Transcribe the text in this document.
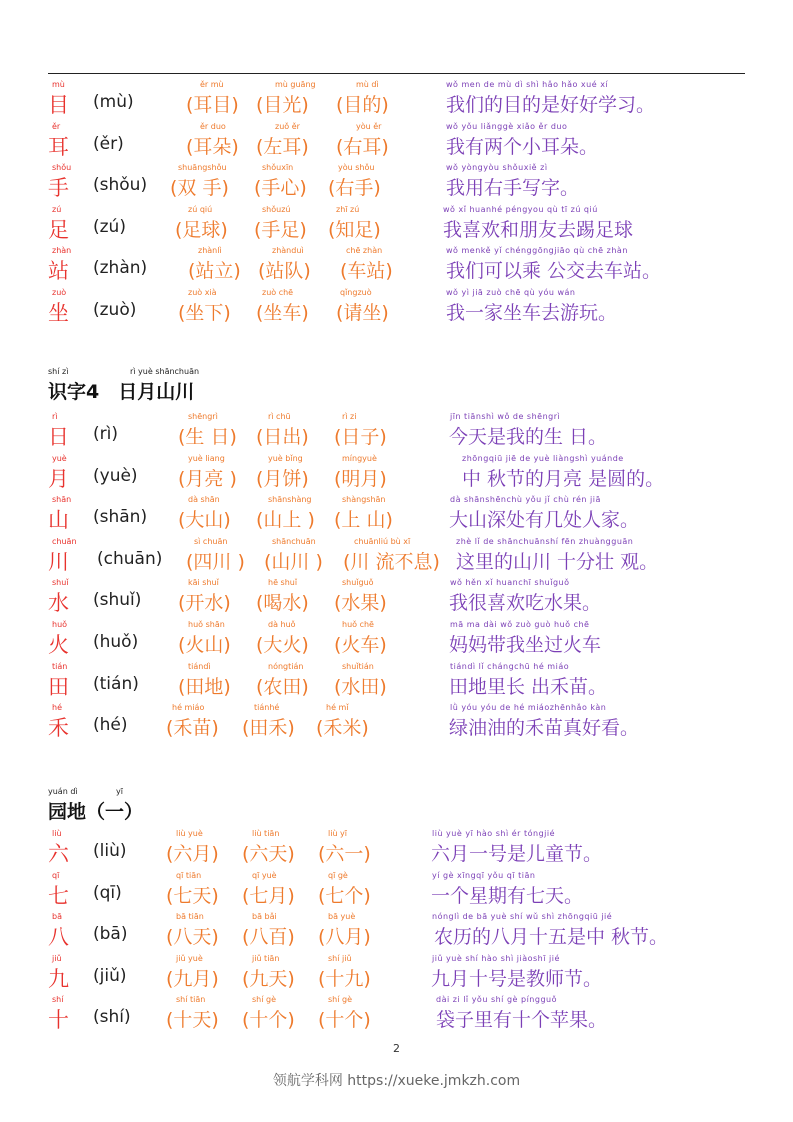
mù
目 (mù)
ěr mù
(耳目)
mù guāng
(目光)
mù dì
(目的)
wǒ men de mù dì shì hǎo hǎo xué xí
我们的目的是好好学习。
ěr
耳 (ěr)
ěr duo
(耳朵)
zuǒ ěr
(左耳)
yòu ěr
(右耳)
wǒ yǒu liǎnggè xiǎo ěr duo
我有两个小耳朵。
shǒu
手 (shǒu)
shuāngshǒu
(双 手)
shǒuxīn
(手心)
yòu shǒu
(右手)
wǒ yòngyòu shǒuxiě zì
我用右手写字。
zú
足 (zú)
zú qiú
(足球)
shǒuzú
(手足)
zhī zú
(知足)
wǒ xǐ huanhé péngyou qù tī zú qiú
我喜欢和朋友去踢足球
zhàn
站 (zhàn)
zhànlì
(站立)
zhànduì
(站队)
chē zhàn
(车站)
wǒ menkě yǐ chénggōngjiāo qù chē zhàn
我们可以乘 公交去车站。
zuò
坐 (zuò)
zuò xià
(坐下)
zuò chē
(坐车)
qǐngzuò
(请坐)
wǒ yì jiā zuò chē qù yóu wán
我一家坐车去游玩。
shí zì	rì yuè shānchuān
识字4　日月山川
rì
日 (rì)
shēngrì
(生 日)
rì chū
(日出)
rì zi
(日子)
jīn tiānshì wǒ de shēngrì
今天是我的生 日。
yuè
月 (yuè)
yuè liang
(月亮 )
yuè bǐng
(月饼)
míngyuè
(明月)
zhōngqiū jiē de yuè liàngshì yuánde
中 秋节的月亮 是圆的。
shān
山 (shān)
dà shān
(大山)
shānshàng
(山上 )
shàngshān
(上 山)
dà shānshēnchù yǒu jǐ chù rén jiā
大山深处有几处人家。
chuān
川 (chuān)
sì chuān
(四川 )
shānchuān
(山川 )
chuānliú bù xī
(川 流不息)
zhè lǐ de shānchuānshí fēn zhuàngguān
这里的山川 十分壮 观。
shuǐ
水 (shuǐ)
kāi shuǐ
(开水)
hē shuǐ
(喝水)
shuǐguǒ
(水果)
wǒ hěn xǐ huanchī shuǐguǒ
我很喜欢吃水果。
huǒ
火 (huǒ)
huǒ shān
(火山)
dà huǒ
(大火)
huǒ chē
(火车)
mā ma dài wǒ zuò guò huǒ chē
妈妈带我坐过火车
tián
田 (tián)
tiándì
(田地)
nóngtián
(农田)
shuǐtián
(水田)
tiándì lǐ chángchū hé miáo
田地里长 出禾苗。
hé
禾 (hé)
hé miáo
(禾苗)
tiánhé
(田禾)
hé mǐ
(禾米)
lǜ yóu yóu de hé miáozhēnhǎo kàn
绿油油的禾苗真好看。
yuán dì	yī
园地（一）
liù
六 (liù)
liù yuè
(六月)
liù tiān
(六天)
liù yī
(六一)
liù yuè yī hào shì ér tóngjié
六月一号是儿童节。
qī
七 (qī)
qī tiān
(七天)
qī yuè
(七月)
qī gè
(七个)
yí gè xīngqī yǒu qī tiān
一个星期有七天。
bā
八 (bā)
bā tiān
(八天)
bā bǎi
(八百)
bā yuè
(八月)
nónglì de bā yuè shí wǔ shì zhōngqiū jié
农历的八月十五是中 秋节。
jiǔ
九 (jiǔ)
jiǔ yuè
(九月)
jiǔ tiān
(九天)
shí jiǔ
(十九)
jiǔ yuè shí hào shì jiàoshī jié
九月十号是教师节。
shí
十 (shí)
shí tiān
(十天)
shí gè
(十个)
shí gè
(十个)
dài zi lǐ yǒu shí gè píngguǒ
袋子里有十个苹果。
2
领航学科网 https://xueke.jmkzh.com
